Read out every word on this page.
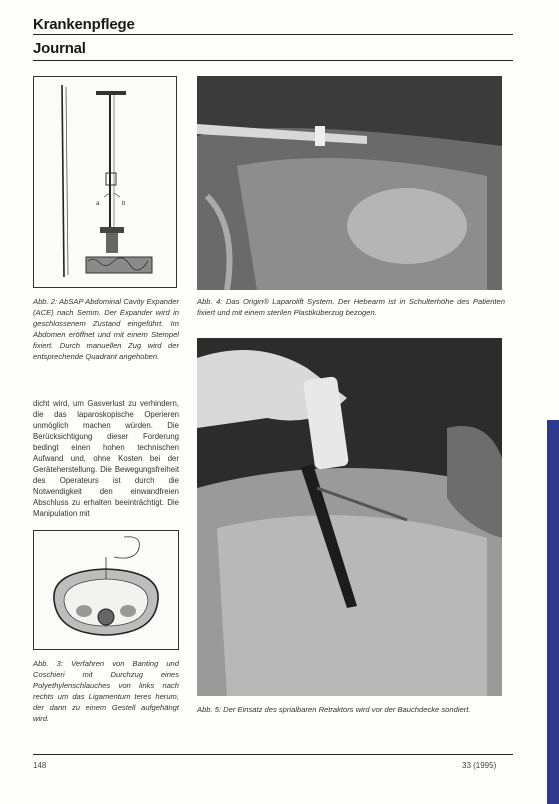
Krankenpflege
Journal
a	b
Abb. 2: AbSAP Abdominal Cavity Expander (ACE) nach Semm. Der Expander wird in geschlossenem Zustand eingeführt. Im Abdomen eröffnet und mit einem Stempel fixiert. Durch manuellen Zug wird der entsprechende Quadrant angehoben.
dicht wird, um Gasverlust zu verhindern, die das laparoskopische Operieren unmöglich machen würden. Die Berücksichtigung dieser Forderung bedingt einen hohen technischen Aufwand und, ohne Kosten bei der Geräteherstellung. Die Bewegungsfreiheit des Operateurs ist durch die Notwendigkeit den einwandfreien Abschluss zu erhalten beeinträchtigt. Die Manipulation mit
Abb. 3: Verfahren von Banting und Coschieri mit Durchzug eines Polyethylenschlauches von links nach rechts um das Ligamentum teres herum, der dann zu einem Gestell aufgehängt wird.
Abb. 4: Das Origin® Laparolift System. Der Hebearm ist in Schulterhöhe des Patienten fixiert und mit einem sterilen Plastiküberzug bezogen.
Abb. 5: Der Einsatz des sprialbaren Retraktors wird vor der Bauchdecke sondiert.
148	33 (1995)
